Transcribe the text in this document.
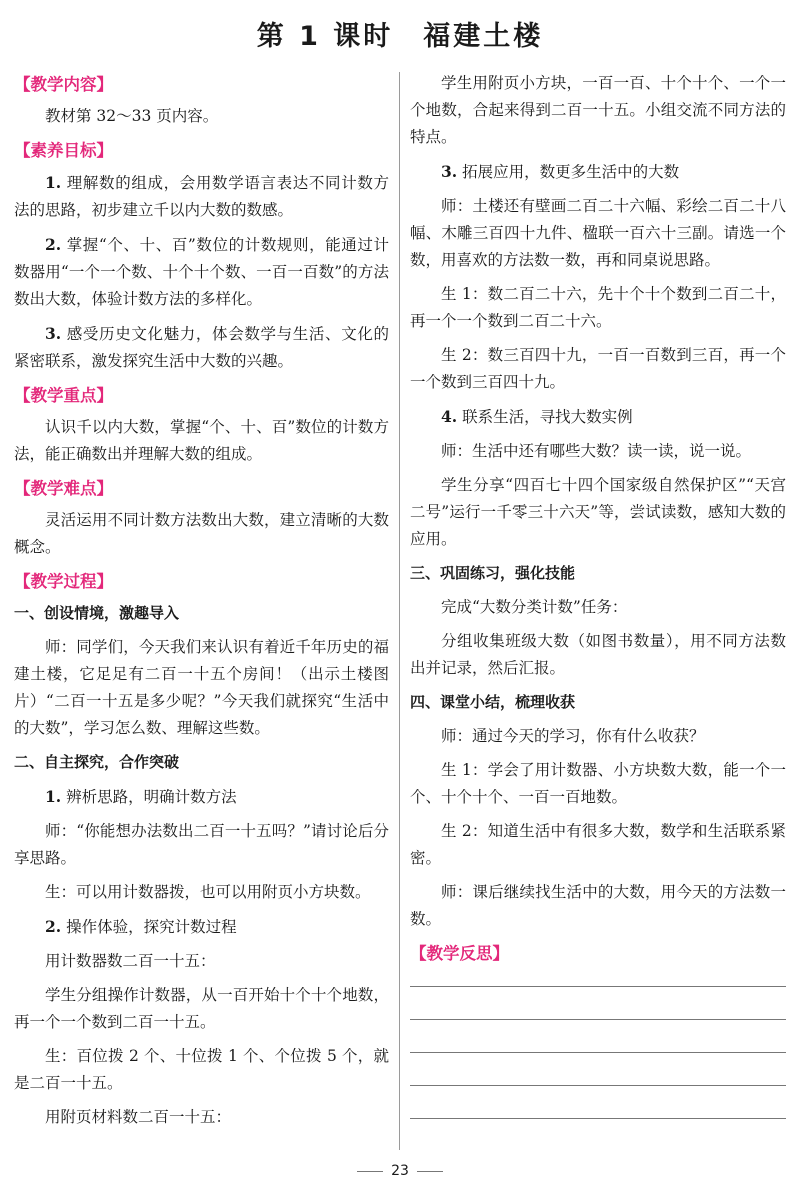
第 1 课时　福建土楼
【教学内容】
教材第 32～33 页内容。
【素养目标】
1. 理解数的组成，会用数学语言表达不同计数方法的思路，初步建立千以内大数的数感。
2. 掌握“个、十、百”数位的计数规则，能通过计数器用“一个一个数、十个十个数、一百一百数”的方法数出大数，体验计数方法的多样化。
3. 感受历史文化魅力，体会数学与生活、文化的紧密联系，激发探究生活中大数的兴趣。
【教学重点】
认识千以内大数，掌握“个、十、百”数位的计数方法，能正确数出并理解大数的组成。
【教学难点】
灵活运用不同计数方法数出大数，建立清晰的大数概念。
【教学过程】
一、创设情境，激趣导入
师：同学们，今天我们来认识有着近千年历史的福建土楼，它足足有二百一十五个房间！（出示土楼图片）“二百一十五是多少呢？”今天我们就探究“生活中的大数”，学习怎么数、理解这些数。
二、自主探究，合作突破
1. 辨析思路，明确计数方法
师：“你能想办法数出二百一十五吗？”请讨论后分享思路。
生：可以用计数器拨，也可以用附页小方块数。
2. 操作体验，探究计数过程
用计数器数二百一十五：
学生分组操作计数器，从一百开始十个十个地数，再一个一个数到二百一十五。
生：百位拨 2 个、十位拨 1 个、个位拨 5 个，就是二百一十五。
用附页材料数二百一十五：
学生用附页小方块，一百一百、十个十个、一个一个地数，合起来得到二百一十五。小组交流不同方法的特点。
3. 拓展应用，数更多生活中的大数
师：土楼还有壁画二百二十六幅、彩绘二百二十八幅、木雕三百四十九件、楹联一百六十三副。请选一个数，用喜欢的方法数一数，再和同桌说思路。
生 1：数二百二十六，先十个十个数到二百二十，再一个一个数到二百二十六。
生 2：数三百四十九，一百一百数到三百，再一个一个数到三百四十九。
4. 联系生活，寻找大数实例
师：生活中还有哪些大数？读一读，说一说。
学生分享“四百七十四个国家级自然保护区”“天宫二号”运行一千零三十六天”等，尝试读数，感知大数的应用。
三、巩固练习，强化技能
完成“大数分类计数”任务：
分组收集班级大数（如图书数量），用不同方法数出并记录，然后汇报。
四、课堂小结，梳理收获
师：通过今天的学习，你有什么收获？
生 1：学会了用计数器、小方块数大数，能一个一个、十个十个、一百一百地数。
生 2：知道生活中有很多大数，数学和生活联系紧密。
师：课后继续找生活中的大数，用今天的方法数一数。
【教学反思】
23
